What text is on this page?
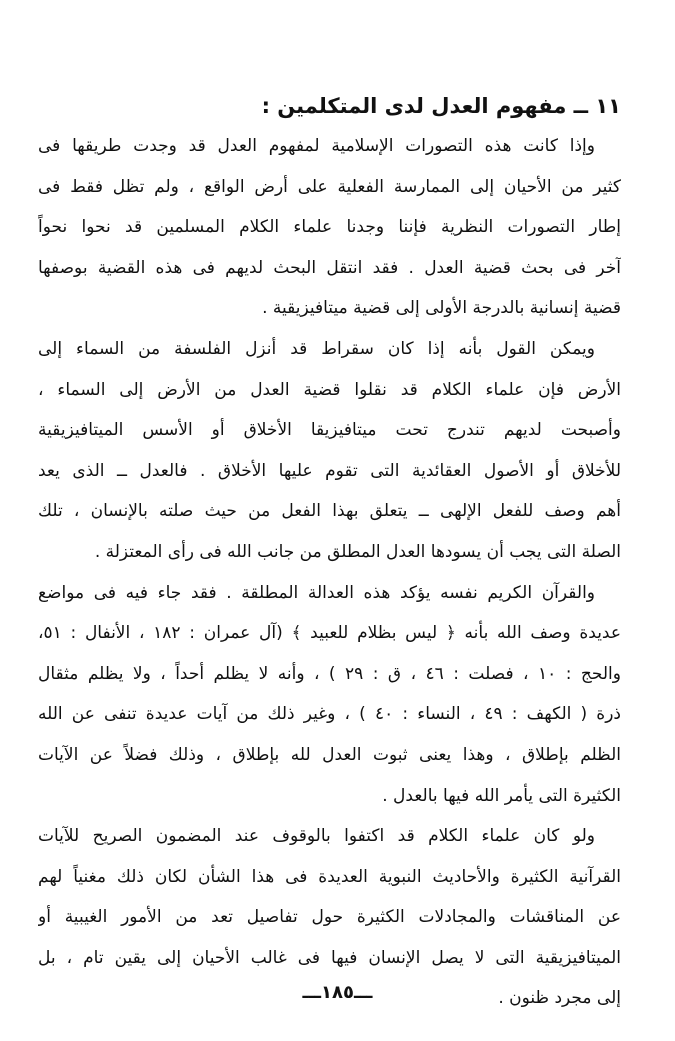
١١ ــ مفهوم العدل لدى المتكلمين :
وإذا كانت هذه التصورات الإسلامية لمفهوم العدل قد وجدت طريقها فى
كثير من الأحيان إلى الممارسة الفعلية على أرض الواقع ، ولم تظل فقط فى
إطار التصورات النظرية فإننا وجدنا علماء الكلام المسلمين قد نحوا نحواً
آخر فى بحث قضية العدل . فقد انتقل البحث لديهم فى هذه القضية بوصفها
قضية إنسانية بالدرجة الأولى إلى قضية ميتافيزيقية .
ويمكن القول بأنه إذا كان سقراط قد أنزل الفلسفة من السماء إلى
الأرض فإن علماء الكلام قد نقلوا قضية العدل من الأرض إلى السماء ،
وأصبحت لديهم تندرج تحت ميتافيزيقا الأخلاق أو الأسس الميتافيزيقية
للأخلاق أو الأصول العقائدية التى تقوم عليها الأخلاق . فالعدل ــ الذى يعد
أهم وصف للفعل الإلهى ــ يتعلق بهذا الفعل من حيث صلته بالإنسان ، تلك
الصلة التى يجب أن يسودها العدل المطلق من جانب الله فى رأى المعتزلة .
والقرآن الكريم نفسه يؤكد هذه العدالة المطلقة . فقد جاء فيه فى مواضع
عديدة وصف الله بأنه ﴿ ليس بظلام للعبيد ﴾ (آل عمران : ١٨٢ ، الأنفال : ٥١،
والحج : ١٠ ، فصلت : ٤٦ ، ق : ٢٩ ) ، وأنه لا يظلم أحداً ، ولا يظلم مثقال
ذرة ( الكهف : ٤٩ ، النساء : ٤٠ ) ، وغير ذلك من آيات عديدة تنفى عن الله
الظلم بإطلاق ، وهذا يعنى ثبوت العدل لله بإطلاق ، وذلك فضلاً عن الآيات
الكثيرة التى يأمر الله فيها بالعدل .
ولو كان علماء الكلام قد اكتفوا بالوقوف عند المضمون الصريح للآيات
القرآنية الكثيرة والأحاديث النبوية العديدة فى هذا الشأن لكان ذلك مغنياً لهم
عن المناقشات والمجادلات الكثيرة حول تفاصيل تعد من الأمور الغيبية أو
الميتافيزيقية التى لا يصل الإنسان فيها فى غالب الأحيان إلى يقين تام ، بل
إلى مجرد ظنون .
ـــ١٨٥ـــ
